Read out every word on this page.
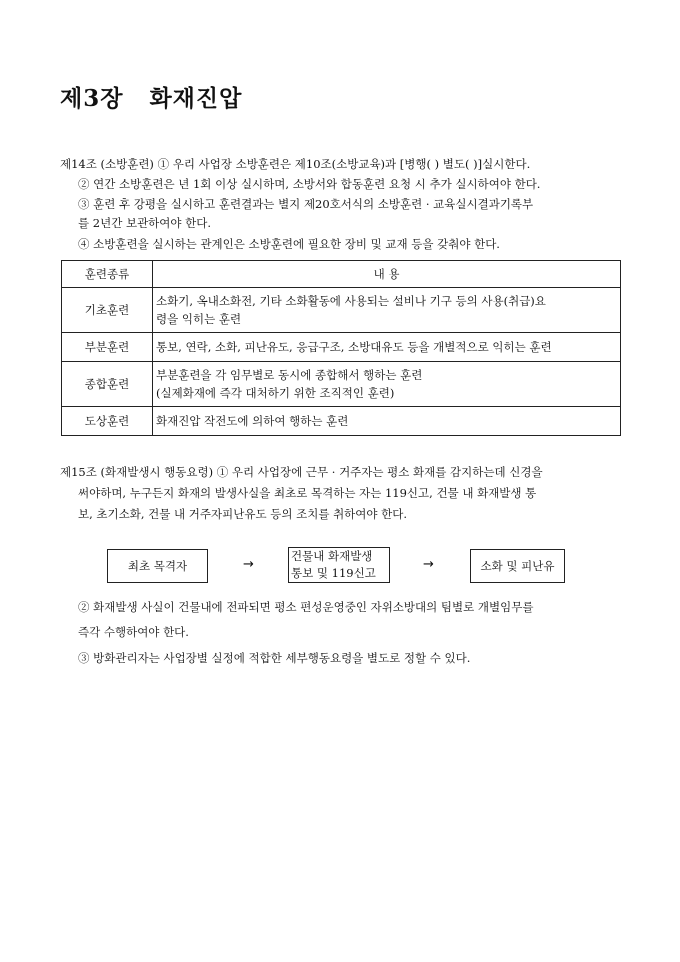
제3장 화재진압
제14조 (소방훈련) ① 우리 사업장 소방훈련은 제10조(소방교육)과 [병행( ) 별도( )]실시한다.
② 연간 소방훈련은 년 1회 이상 실시하며, 소방서와 합동훈련 요청 시 추가 실시하여야 한다.
③ 훈련 후 강평을 실시하고 훈련결과는 별지 제20호서식의 소방훈련 · 교육실시결과기록부
를 2년간 보관하여야 한다.
④ 소방훈련을 실시하는 관계인은 소방훈련에 필요한 장비 및 교재 등을 갖춰야 한다.
훈련종류	내 용
기초훈련	소화기, 옥내소화전, 기타 소화활동에 사용되는 설비나 기구 등의 사용(취급)요
령을 익히는 훈련

부분훈련	통보, 연락, 소화, 피난유도, 응급구조, 소방대유도 등을 개별적으로 익히는 훈련

종합훈련	부분훈련을 각 임무별로 동시에 종합해서 행하는 훈련
(실제화재에 즉각 대처하기 위한 조직적인 훈련)

도상훈련	화재진압 작전도에 의하여 행하는 훈련
제15조 (화재발생시 행동요령) ① 우리 사업장에 근무 · 거주자는 평소 화재를 감지하는데 신경을
써야하며, 누구든지 화재의 발생사실을 최초로 목격하는 자는 119신고, 건물 내 화재발생 통
보, 초기소화, 건물 내 거주자피난유도 등의 조치를 취하여야 한다.
최초 목격자	→
건물내 화재발생
통보 및 119신고
→	소화 및 피난유
② 화재발생 사실이 건물내에 전파되면 평소 편성운영중인 자위소방대의 팀별로 개별임무를
즉각 수행하여야 한다.
③ 방화관리자는 사업장별 실정에 적합한 세부행동요령을 별도로 정할 수 있다.
